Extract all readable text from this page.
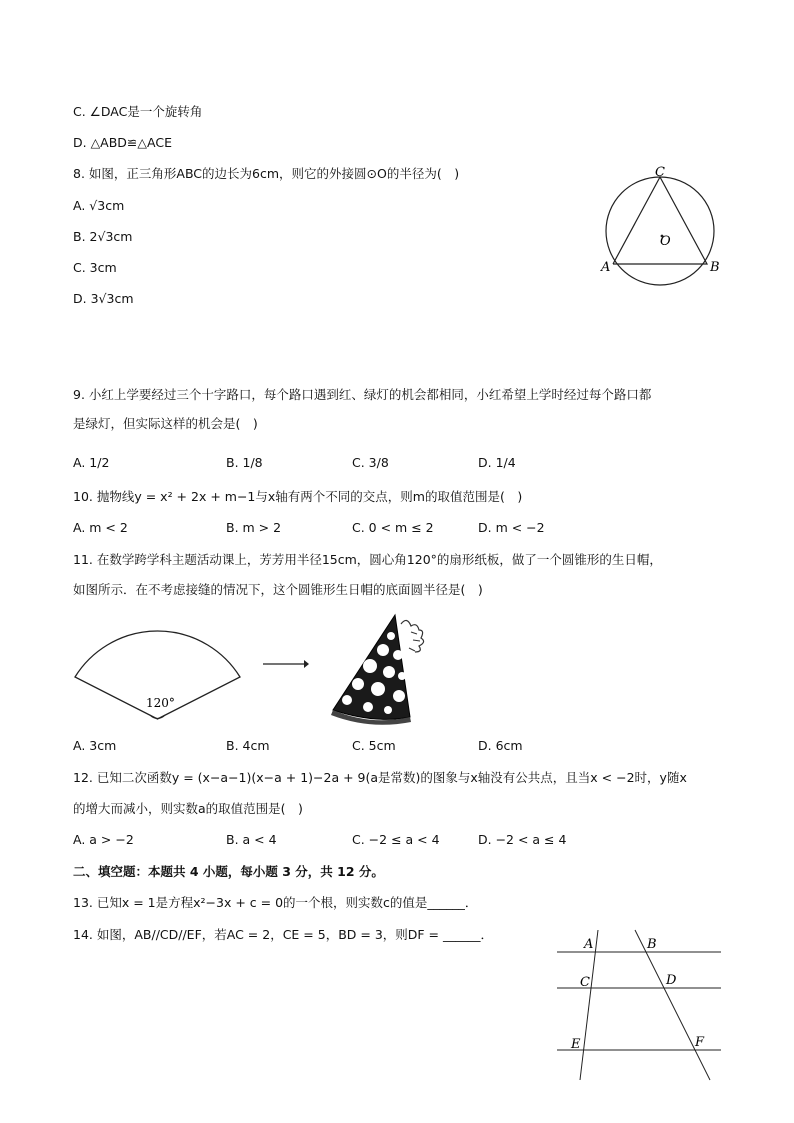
C. ∠DAC是一个旋转角
D. △ABD≌△ACE
8. 如图，正三角形ABC的边长为6cm，则它的外接圆⊙O的半径为(　)
A. √3cm
B. 2√3cm
C. 3cm
D. 3√3cm
C
O
A	B
9. 小红上学要经过三个十字路口，每个路口遇到红、绿灯的机会都相同，小红希望上学时经过每个路口都
是绿灯，但实际这样的机会是(　)
A. 1/2	B. 1/8	C. 3/8	D. 1/4
10. 抛物线y = x² + 2x + m−1与x轴有两个不同的交点，则m的取值范围是(　)
A. m < 2	B. m > 2	C. 0 < m ≤ 2	D. m < −2
11. 在数学跨学科主题活动课上，芳芳用半径15cm，圆心角120°的扇形纸板，做了一个圆锥形的生日帽，
如图所示．在不考虑接缝的情况下，这个圆锥形生日帽的底面圆半径是(　)
120°
A. 3cm	B. 4cm	C. 5cm	D. 6cm
12. 已知二次函数y = (x−a−1)(x−a + 1)−2a + 9(a是常数)的图象与x轴没有公共点，且当x < −2时，y随x
的增大而减小，则实数a的取值范围是(　)
A. a > −2	B. a < 4	C. −2 ≤ a < 4	D. −2 < a ≤ 4
二、填空题：本题共 4 小题，每小题 3 分，共 12 分。
13. 已知x = 1是方程x²−3x + c = 0的一个根，则实数c的值是______．
14. 如图，AB//CD//EF，若AC = 2，CE = 5，BD = 3，则DF = ______．
A	B
C	D
E	F
